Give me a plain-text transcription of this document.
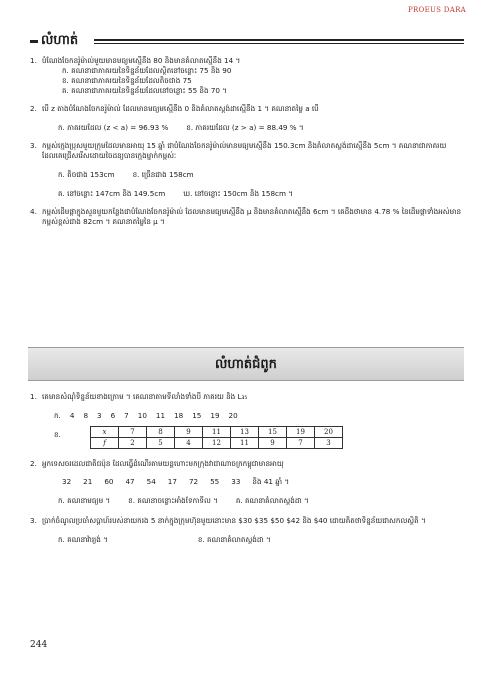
PROEUS DARA
លំហាត់
1. បំណែងចែកនរ៉ូម៉ាល់មួយមានមធ្យមស្មើនឹង 80 និងមានគំលាតស្មើនឹង 14 ។

ក. គណនាជាភាគរយនៃទិន្នន័យដែលស្ថិតនៅចន្លោះ 75 និង 90

ខ. គណនាជាភាគរយនៃទិន្នន័យដែលតិចជាង 75

គ. គណនាជាភាគរយនៃទិន្នន័យដែលនៅចន្លោះ 55 និង 70 ។

2. បើ z តាងបំណែងចែកនរ៉ូម៉ាល់ ដែលមានមធ្យមស្មើនឹង 0 និងគំលាតស្តង់ដាស្មើនឹង 1 ។ គណនាតម្លៃ a បើ

ក. ភាគរយដែល (z < a) = 96.93 %	ខ. ភាគរយដែល (z > a) = 88.49 % ។
3. កម្ពស់ក្មេងប្រុសមួយក្រុមដែលមានអាយុ 15 ឆ្នាំ ជាបំណែងចែកនរ៉ូម៉ាល់មានមធ្យមស្មើនឹង 150.3cm និងគំលាតស្តង់ដាស្មើនឹង 5cm ។ គណនាជាភាគរយដែលគេជ្រើសរើសដោយចៃដន្យបានក្មេងម្នាក់កម្ពស់ៈ

ក. តិចជាង 153cm	ខ. ច្រើនជាង 158cm
គ. នៅចន្លោះ 147cm និង 149.5cm	ឃ. នៅចន្លោះ 150cm និង 158cm ។
4. កម្ពស់ដើមផ្កាក្នុងសួនមួយកន្លែងជាបំណែងចែកនរ៉ូម៉ាល់ ដែលមានមធ្យមស្មើនឹង μ និងមានគំលាតស្មើនឹង 6cm ។ គេដឹងថាមាន 4.78 % នៃដើមផ្កាទាំងអស់មានកម្ពស់ខ្ពស់ជាង 82cm ។ គណនាតម្លៃនៃ μ ។

លំហាត់ជំពូក
1. គេមានសំណុំទិន្នន័យខាងក្រោម ។ គេណនាតាមទីលាំងទាំងបី ភាគរយ និង L₃₅

ក. 4 8 3 6 7 10 11 18 15 19 20
ខ.	x	7	8	9	11	13	15	19	20
f	2	5	4	12	11	9	7	3
2. អ្នកទេសចរដេលជាតិជប៉ុន ដែលធ្វើដំណើរតាមយន្តហោះមកក្រុងវាជាណាចក្រកម្ពុជាមានអាយុ

32 21 60 47 54 17 72 55 33 និង 41 ឆ្នាំ ។
ក. គណនាមធ្យម ។	ខ. គណនាចន្លោះអាំងទែកាទីល ។	គ. គណនាគំលាតស្តង់ដា ។
3. ប្រាក់ចំណូលប្រចាំសប្តាហ៍របស់នាយករង 5 នាក់ក្នុងក្រុមហ៊ុនមួយនោះមាន $30 $35 $50 $42 និង $40 ដោយគិតថាទិន្នន័យជាសកលស្ថិតិ ។

ក. គណនាវ៉ារ្យង់ ។	ខ. គណនាគំលាតស្តង់ដា ។
244
